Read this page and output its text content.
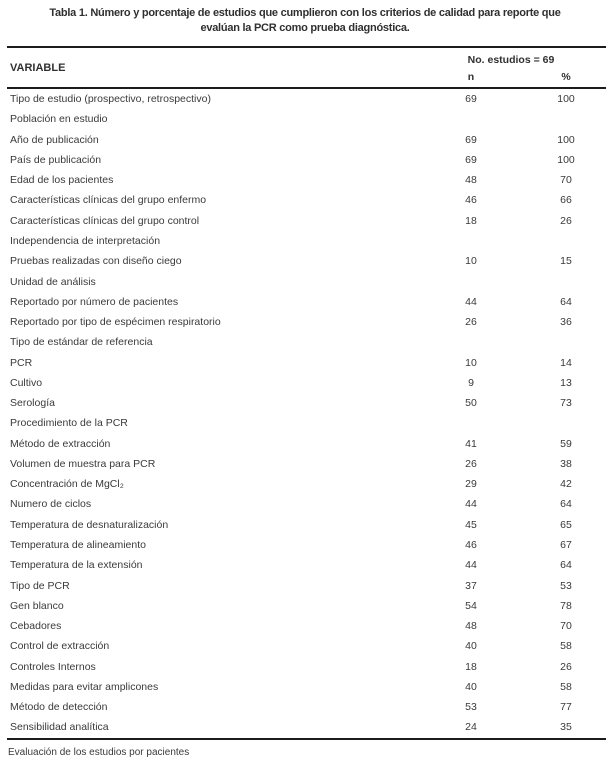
Tabla 1. Número y porcentaje de estudios que cumplieron con los criterios de calidad para reporte que
evalúan la PCR como prueba diagnóstica.
VARIABLE
No. estudios = 69
n	%
Tipo de estudio (prospectivo, retrospectivo)	69	100
Población en estudio
Año de publicación	69	100
País de publicación	69	100
Edad de los pacientes	48	70
Características clínicas del grupo enfermo	46	66
Características clínicas del grupo control	18	26
Independencia de interpretación
Pruebas realizadas con diseño ciego	10	15
Unidad de análisis
Reportado por número de pacientes	44	64
Reportado por tipo de espécimen respiratorio	26	36
Tipo de estándar de referencia
PCR	10	14
Cultivo	9	13
Serología	50	73
Procedimiento de la PCR
Método de extracción	41	59
Volumen de muestra para PCR	26	38
Concentración de MgCl₂	29	42
Numero de ciclos	44	64
Temperatura de desnaturalización	45	65
Temperatura de alineamiento	46	67
Temperatura de la extensión	44	64
Tipo de PCR	37	53
Gen blanco	54	78
Cebadores	48	70
Control de extracción	40	58
Controles Internos	18	26
Medidas para evitar amplicones	40	58
Método de detección	53	77
Sensibilidad analítica	24	35
Evaluación de los estudios por pacientes
